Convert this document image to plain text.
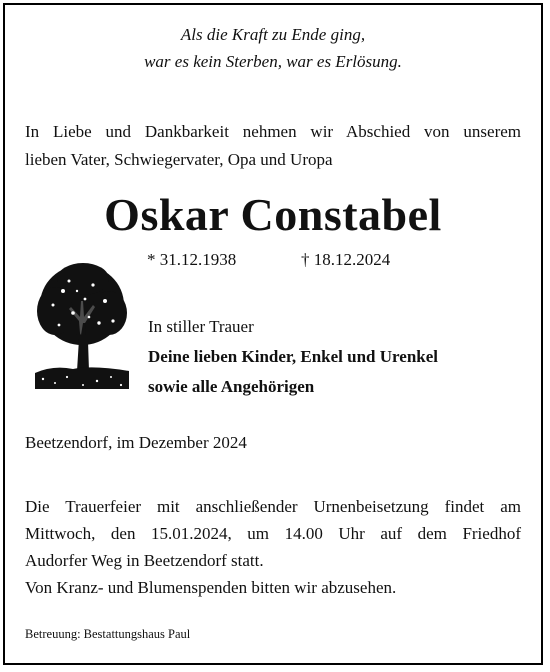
Als die Kraft zu Ende ging,
war es kein Sterben, war es Erlösung.
In Liebe und Dankbarkeit nehmen wir Abschied von unserem
lieben Vater, Schwiegervater, Opa und Uropa
Oskar Constabel
* 31.12.1938	† 18.12.2024
In stiller Trauer
Deine lieben Kinder, Enkel und Urenkel
sowie alle Angehörigen
Beetzendorf, im Dezember 2024
Die Trauerfeier mit anschließender Urnenbeisetzung findet am
Mittwoch, den 15.01.2024, um 14.00 Uhr auf dem Friedhof
Audorfer Weg in Beetzendorf statt.
Von Kranz- und Blumenspenden bitten wir abzusehen.
Betreuung: Bestattungshaus Paul
